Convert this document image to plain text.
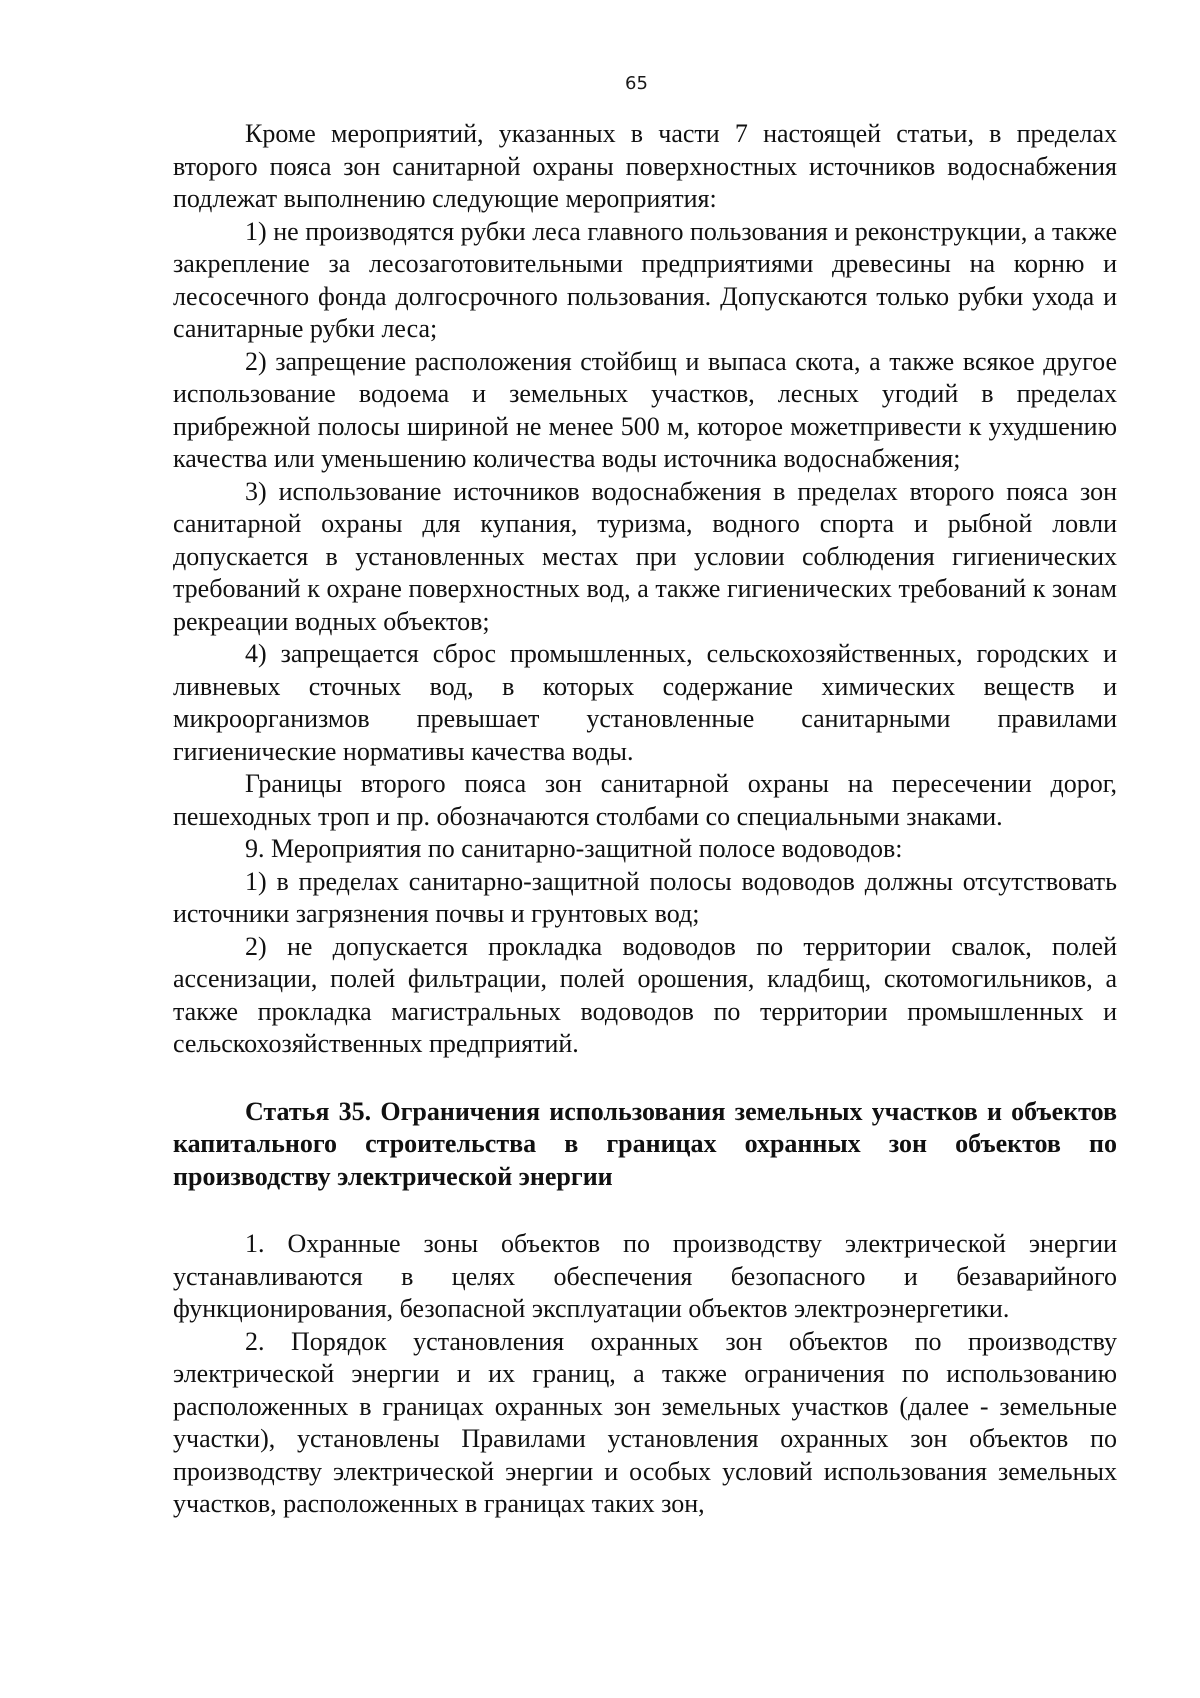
65

Кроме мероприятий, указанных в части 7 настоящей статьи, в пределах второго пояса зон санитарной охраны поверхностных источников водоснабжения подлежат выполнению следующие мероприятия:

1) не производятся рубки леса главного пользования и реконструкции, а также закрепление за лесозаготовительными предприятиями древесины на корню и лесосечного фонда долгосрочного пользования. Допускаются только рубки ухода и санитарные рубки леса;

2) запрещение расположения стойбищ и выпаса скота, а также всякое другое использование водоема и земельных участков, лесных угодий в пределах прибрежной полосы шириной не менее 500 м, которое можетпривести к ухудшению качества или уменьшению количества воды источника водоснабжения;

3) использование источников водоснабжения в пределах второго пояса зон санитарной охраны для купания, туризма, водного спорта и рыбной ловли допускается в установленных местах при условии соблюдения гигиенических требований к охране поверхностных вод, а также гигиенических требований к зонам рекреации водных объектов;

4) запрещается сброс промышленных, сельскохозяйственных, городских и ливневых сточных вод, в которых содержание химических веществ и микроорганизмов превышает установленные санитарными правилами гигиенические нормативы качества воды.

Границы второго пояса зон санитарной охраны на пересечении дорог, пешеходных троп и пр. обозначаются столбами со специальными знаками.

9. Мероприятия по санитарно-защитной полосе водоводов:

1) в пределах санитарно-защитной полосы водоводов должны отсутствовать источники загрязнения почвы и грунтовых вод;

2) не допускается прокладка водоводов по территории свалок, полей ассенизации, полей фильтрации, полей орошения, кладбищ, скотомогильников, а также прокладка магистральных водоводов по территории промышленных и сельскохозяйственных предприятий.

Статья 35. Ограничения использования земельных участков и объектов капитального строительства в границах охранных зон объектов по производству электрической энергии

1. Охранные зоны объектов по производству электрической энергии устанавливаются в целях обеспечения безопасного и безаварийного функционирования, безопасной эксплуатации объектов электроэнергетики.

2. Порядок установления охранных зон объектов по производству электрической энергии и их границ, а также ограничения по использованию расположенных в границах охранных зон земельных участков (далее - земельные участки), установлены Правилами установления охранных зон объектов по производству электрической энергии и особых условий использования земельных участков, расположенных в границах таких зон,
